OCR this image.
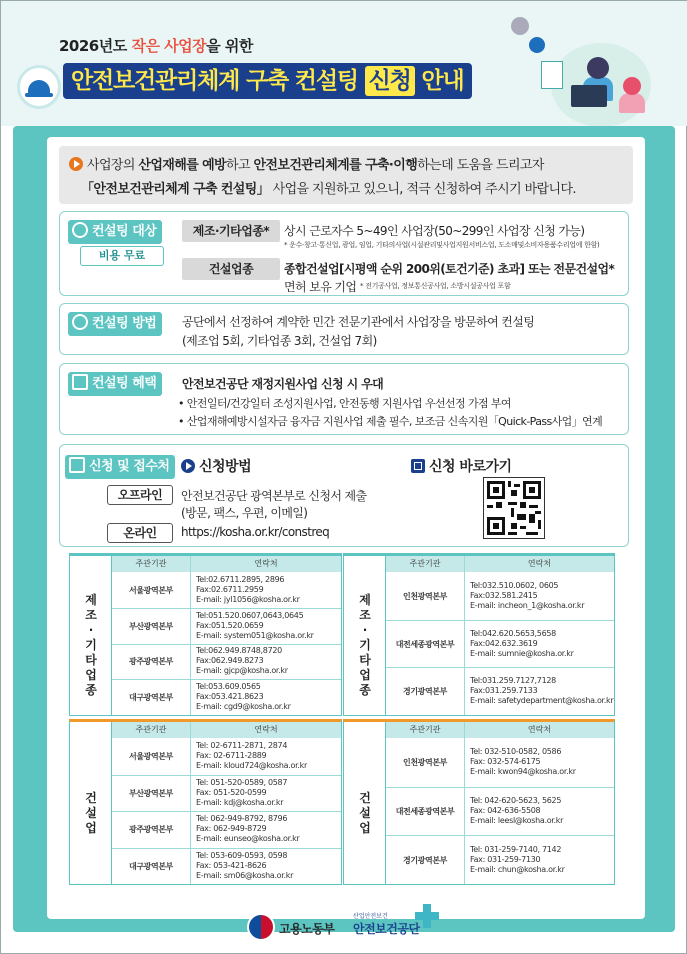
2026년도 작은 사업장을 위한
안전보건관리체계 구축 컨설팅 신청 안내
사업장의 산업재해를 예방하고 안전보건관리체계를 구축·이행하는데 도움을 드리고자
「안전보건관리체계 구축 컨설팅」 사업을 지원하고 있으니, 적극 신청하여 주시기 바랍니다.
컨설팅 대상
비용 무료
제조·기타업종*	상시 근로자수 5~49인 사업장(50~299인 사업장 신청 가능)
* 운수·창고·통신업, 광업, 임업, 기타의사업(시설관리및사업지원서비스업, 도소매및소비자용품수리업에 한함)
건설업종	종합건설업[시평액 순위 200위(토건기준) 초과] 또는 전문건설업*
면허 보유 기업 * 전기공사업, 정보통신공사업, 소방시설공사업 포함
컨설팅 방법	공단에서 선정하여 계약한 민간 전문기관에서 사업장을 방문하여 컨설팅
(제조업 5회, 기타업종 3회, 건설업 7회)
컨설팅 혜택	안전보건공단 재정지원사업 신청 시 우대
• 안전일터/건강일터 조성지원사업, 안전동행 지원사업 우선선정 가점 부여
• 산업재해예방시설자금 융자금 지원사업 제출 필수, 보조금 신속지원「Quick-Pass사업」연계
신청 및 접수처	신청방법	신청 바로가기
오프라인	안전보건공단 광역본부로 신청서 제출
(방문, 팩스, 우편, 이메일)
온라인	https://kosha.or.kr/constreq
제
조
·
기
타
업
종
주관기관	연락처
서울광역본부
Tel:02.6711.2895, 2896
Fax:02.6711.2959
E-mail: jyl1056@kosha.or.kr
부산광역본부
Tel:051.520.0607,0643,0645
Fax:051.520.0659
E-mail: system051@kosha.or.kr
광주광역본부
Tel:062.949.8748,8720
Fax:062.949.8273
E-mail: gjcp@kosha.or.kr
대구광역본부
Tel:053.609.0565
Fax:053.421.8623
E-mail: cgd9@kosha.or.kr
제
조
·
기
타
업
종
주관기관	연락처
인천광역본부
Tel:032.510.0602, 0605
Fax:032.581.2415
E-mail: incheon_1@kosha.or.kr
대전세종광역본부
Tel:042.620.5653,5658
Fax:042.632.3619
E-mail: sumnie@kosha.or.kr
경기광역본부
Tel:031.259.7127,7128
Fax:031.259.7133
E-mail: safetydepartment@kosha.or.kr
건
설
업
주관기관	연락처
서울광역본부
Tel: 02-6711-2871, 2874
Fax: 02-6711-2889
E-mail: kloud724@kosha.or.kr
부산광역본부
Tel: 051-520-0589, 0587
Fax: 051-520-0599
E-mail: kdj@kosha.or.kr
광주광역본부
Tel: 062-949-8792, 8796
Fax: 062-949-8729
E-mail: eunseo@kosha.or.kr
대구광역본부
Tel: 053-609-0593, 0598
Fax: 053-421-8626
E-mail: sm06@kosha.or.kr
건
설
업
주관기관	연락처
인천광역본부
Tel: 032-510-0582, 0586
Fax: 032-574-6175
E-mail: kwon94@kosha.or.kr
대전세종광역본부
Tel: 042-620-5623, 5625
Fax: 042-636-5508
E-mail: leesl@kosha.or.kr
경기광역본부
Tel: 031-259-7140, 7142
Fax: 031-259-7130
E-mail: chun@kosha.or.kr
고용노동부
산업안전보건
안전보건공단
